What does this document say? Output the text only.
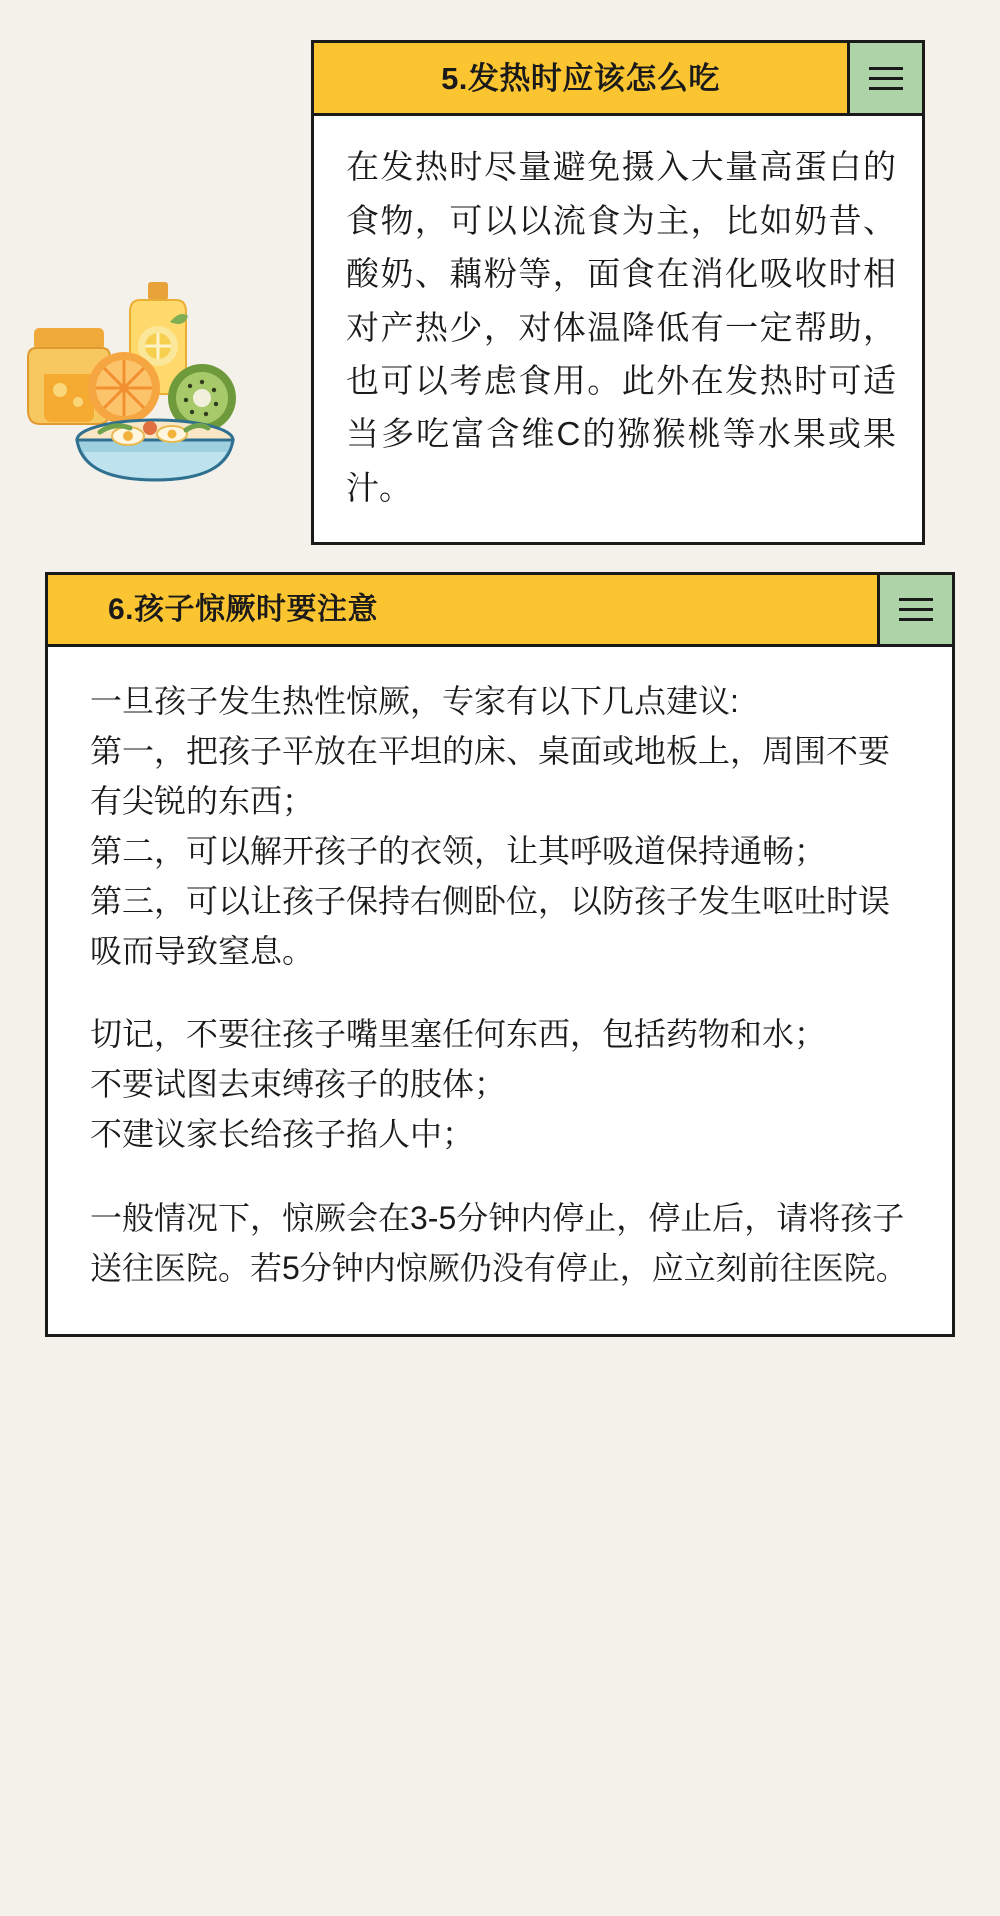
5.发热时应该怎么吃

在发热时尽量避免摄入大量高蛋白的食物，可以以流食为主，比如奶昔、酸奶、藕粉等，面食在消化吸收时相对产热少，对体温降低有一定帮助，也可以考虑食用。此外在发热时可适当多吃富含维C的猕猴桃等水果或果汁。

6.孩子惊厥时要注意

一旦孩子发生热性惊厥，专家有以下几点建议:

第一，把孩子平放在平坦的床、桌面或地板上，周围不要有尖锐的东西；

第二，可以解开孩子的衣领，让其呼吸道保持通畅；

第三，可以让孩子保持右侧卧位，以防孩子发生呕吐时误吸而导致窒息。

切记，不要往孩子嘴里塞任何东西，包括药物和水；

不要试图去束缚孩子的肢体；

不建议家长给孩子掐人中；

一般情况下，惊厥会在3-5分钟内停止，停止后，请将孩子送往医院。若5分钟内惊厥仍没有停止，应立刻前往医院。
